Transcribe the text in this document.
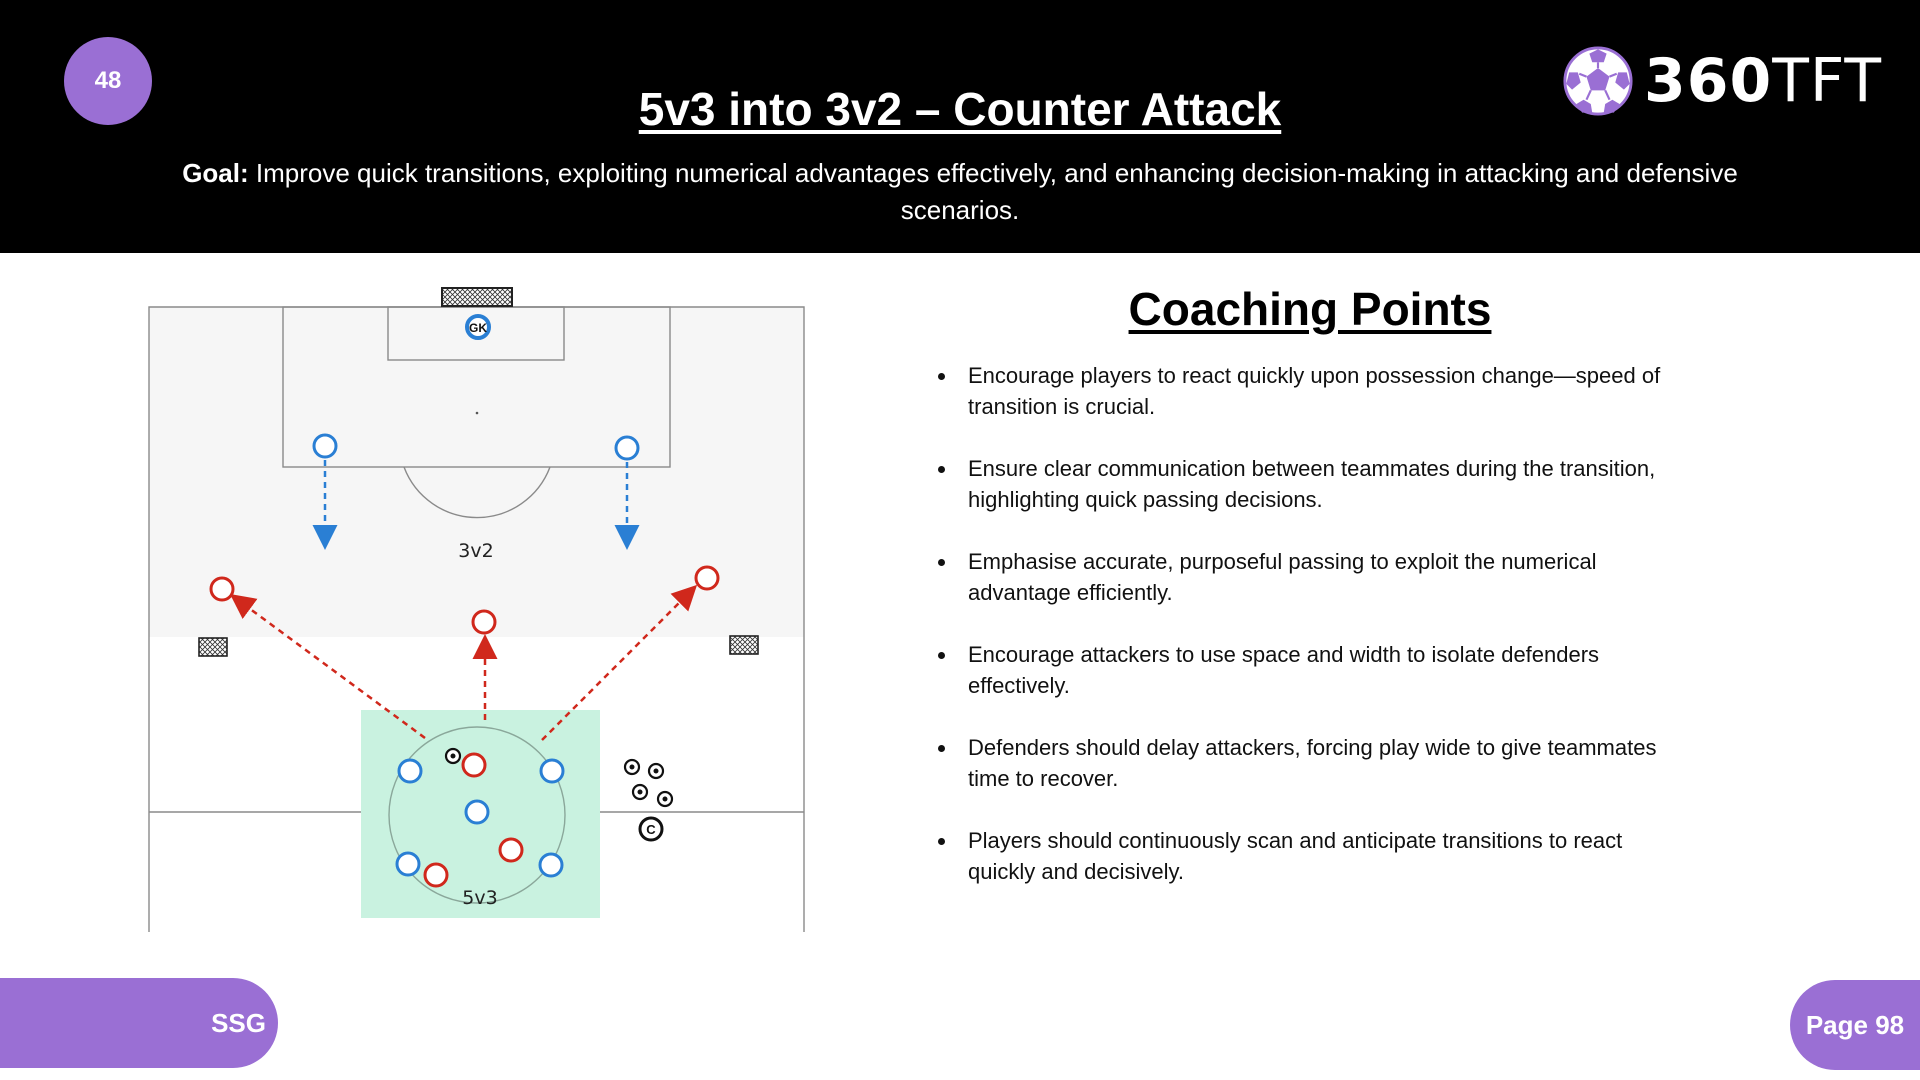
48
5v3 into 3v2 – Counter Attack
Goal: Improve quick transitions, exploiting numerical advantages effectively, and enhancing decision-making in attacking and defensive scenarios.
360TFT
GK
3v2
5v3
C
Coaching Points
Encourage players to react quickly upon possession change—speed of transition is crucial.
Ensure clear communication between teammates during the transition, highlighting quick passing decisions.
Emphasise accurate, purposeful passing to exploit the numerical advantage efficiently.
Encourage attackers to use space and width to isolate defenders effectively.
Defenders should delay attackers, forcing play wide to give teammates time to recover.
Players should continuously scan and anticipate transitions to react quickly and decisively.
SSG	Page 98
